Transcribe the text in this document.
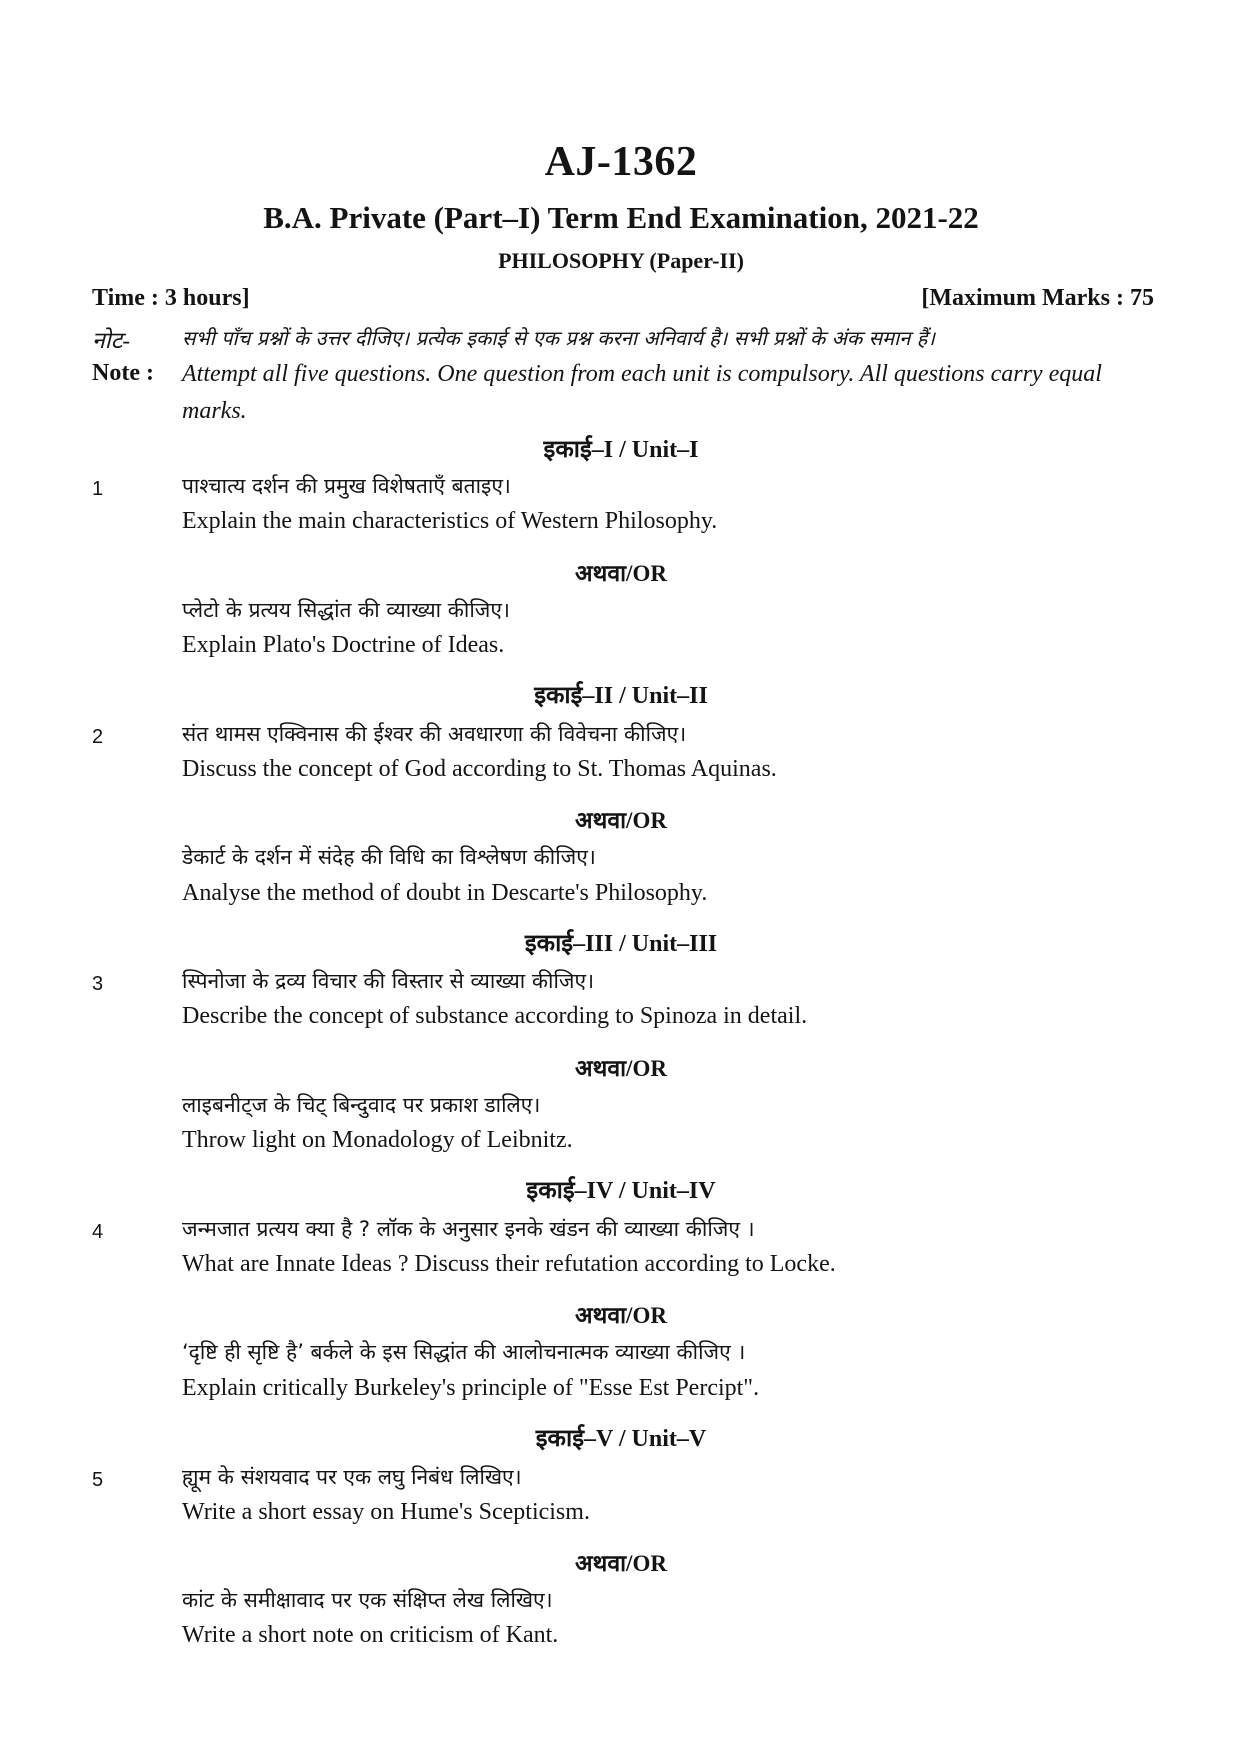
AJ-1362
B.A. Private (Part–I) Term End Examination, 2021-22
PHILOSOPHY (Paper-II)
Time : 3 hours]	[Maximum Marks : 75
नोट-	सभी पाँच प्रश्नों के उत्तर दीजिए। प्रत्येक इकाई से एक प्रश्न करना अनिवार्य है। सभी प्रश्नों के अंक समान हैं।
Note : Attempt all five questions. One question from each unit is compulsory. All questions carry equal marks.
इकाई–I / Unit–I
1	पाश्चात्य दर्शन की प्रमुख विशेषताएँ बताइए।
Explain the main characteristics of Western Philosophy.
अथवा/OR
प्लेटो के प्रत्यय सिद्धांत की व्याख्या कीजिए।
Explain Plato's Doctrine of Ideas.
इकाई–II / Unit–II
2	संत थामस एक्विनास की ईश्वर की अवधारणा की विवेचना कीजिए।
Discuss the concept of God according to St. Thomas Aquinas.
अथवा/OR
डेकार्ट के दर्शन में संदेह की विधि का विश्लेषण कीजिए।
Analyse the method of doubt in Descarte's Philosophy.
इकाई–III / Unit–III
3	स्पिनोजा के द्रव्य विचार की विस्तार से व्याख्या कीजिए।
Describe the concept of substance according to Spinoza in detail.
अथवा/OR
लाइबनीट्ज के चिट् बिन्दुवाद पर प्रकाश डालिए।
Throw light on Monadology of Leibnitz.
इकाई–IV / Unit–IV
4	जन्मजात प्रत्यय क्या है ? लॉक के अनुसार इनके खंडन की व्याख्या कीजिए ।
What are Innate Ideas ? Discuss their refutation according to Locke.
अथवा/OR
‘दृष्टि ही सृष्टि है’ बर्कले के इस सिद्धांत की आलोचनात्मक व्याख्या कीजिए ।
Explain critically Burkeley's principle of "Esse Est Percipt".
इकाई–V / Unit–V
5	ह्यूम के संशयवाद पर एक लघु निबंध लिखिए।
Write a short essay on Hume's Scepticism.
अथवा/OR
कांट के समीक्षावाद पर एक संक्षिप्त लेख लिखिए।
Write a short note on criticism of Kant.
